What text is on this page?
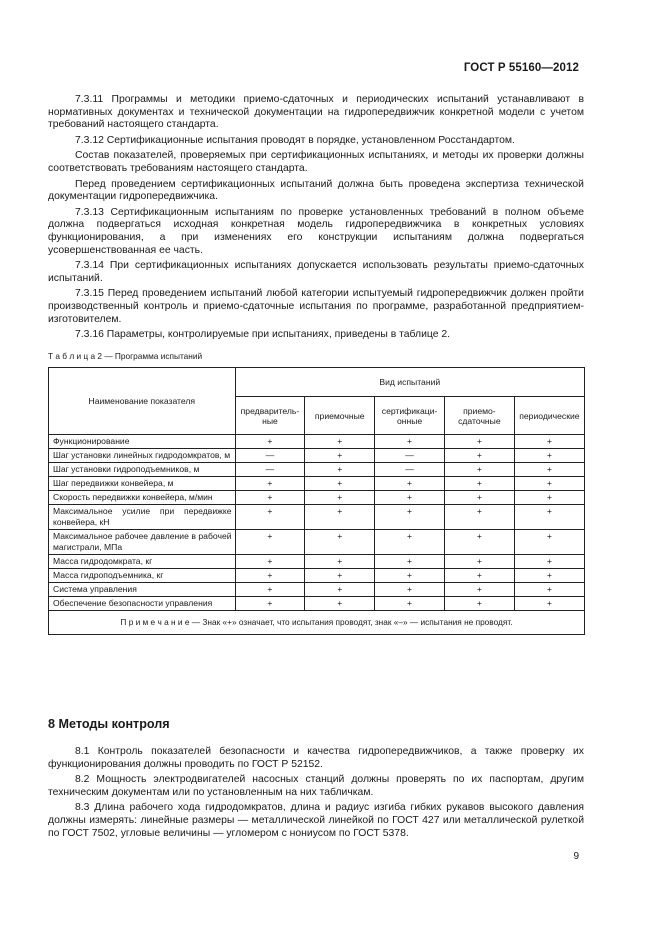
ГОСТ Р 55160—2012

7.3.11 Программы и методики приемо-сдаточных и периодических испытаний устанавливают в нормативных документах и технической документации на гидропередвижчик конкретной модели с учетом требований настоящего стандарта.

7.3.12 Сертификационные испытания проводят в порядке, установленном Росстандартом.

Состав показателей, проверяемых при сертификационных испытаниях, и методы их проверки должны соответствовать требованиям настоящего стандарта.

Перед проведением сертификационных испытаний должна быть проведена экспертиза технической документации гидропередвижчика.

7.3.13 Сертификационным испытаниям по проверке установленных требований в полном объеме должна подвергаться исходная конкретная модель гидропередвижчика в конкретных условиях функционирования, а при изменениях его конструкции испытаниям должна подвергаться усовершенствованная ее часть.

7.3.14 При сертификационных испытаниях допускается использовать результаты приемо-сдаточных испытаний.

7.3.15 Перед проведением испытаний любой категории испытуемый гидропередвижчик должен пройти производственный контроль и приемо-сдаточные испытания по программе, разработанной предприятием-изготовителем.

7.3.16 Параметры, контролируемые при испытаниях, приведены в таблице 2.

Т а б л и ц а 2 — Программа испытаний
Наименование показателя	Вид испытаний				
	предваритель-ные	приемочные	сертификаци-онные	приемо-сдаточные	периодические
Функционирование	+	+	+	+	+
Шаг установки линейных гидродомкратов, м	—	+	—	+	+
Шаг установки гидроподъемников, м	—	+	—	+	+
Шаг передвижки конвейера, м	+	+	+	+	+
Скорость передвижки конвейера, м/мин	+	+	+	+	+
Максимальное усилие при передвижке конвейера, кН	+	+	+	+	+
Максимальное рабочее давление в рабочей магистрали, МПа	+	+	+	+	+
Масса гидродомкрата, кг	+	+	+	+	+
Масса гидроподъемника, кг	+	+	+	+	+
Система управления	+	+	+	+	+
Обеспечение безопасности управления	+	+	+	+	+
П р и м е ч а н и е — Знак «+» означает, что испытания проводят, знак «–» — испытания не проводят.					
8 Методы контроля

8.1 Контроль показателей безопасности и качества гидропередвижчиков, а также проверку их функционирования должны проводить по ГОСТ Р 52152.

8.2 Мощность электродвигателей насосных станций должны проверять по их паспортам, другим техническим документам или по установленным на них табличкам.

8.3 Длина рабочего хода гидродомкратов, длина и радиус изгиба гибких рукавов высокого давления должны измерять: линейные размеры — металлической линейкой по ГОСТ 427 или металлической рулеткой по ГОСТ 7502, угловые величины — угломером с нониусом по ГОСТ 5378.

9
